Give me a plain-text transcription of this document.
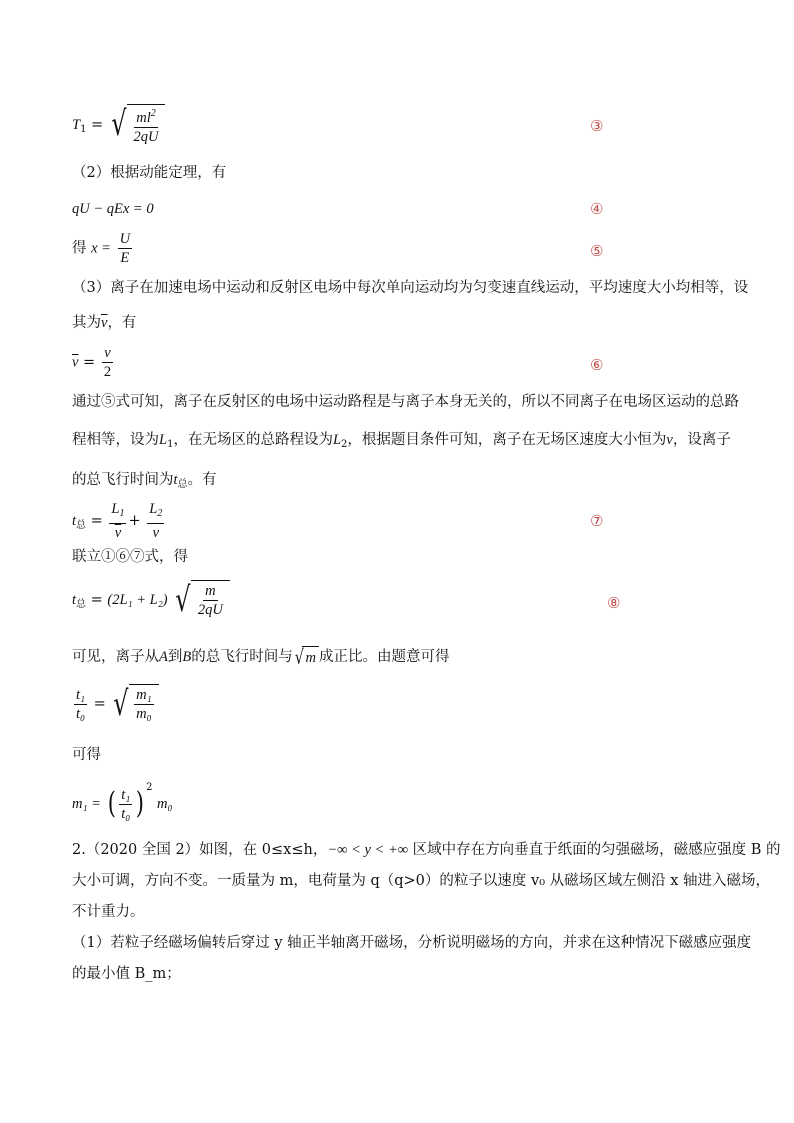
$T_1$ = √ $\frac{ml^2}{2qU}$	③
（2）根据动能定理，有
qU − qEx = 0	④
得 $x = \frac{U}{E}$	⑤
（3）离子在加速电场中运动和反射区电场中每次单向运动均为匀变速直线运动，平均速度大小均相等，设
其为$\overline{v}$，有
$\overline{v} = \frac{v}{2}$	⑥
通过⑤式可知，离子在反射区的电场中运动路程是与离子本身无关的，所以不同离子在电场区运动的总路
程相等，设为$L_1$，在无场区的总路程设为$L_2$，根据题目条件可知，离子在无场区速度大小恒为v，设离子
的总飞行时间为$t_总$。有
$t_总 = \frac{L_1}{v} + \frac{L_2}{v}$	⑦
联立①⑥⑦式，得
$t_总 = (2L_1 + L_2)$ √ $\frac{m}{2qU}$	⑧
可见，离子从A到B的总飞行时间与 √ m 成正比。由题意可得
$\frac{\text{t₁}}{\text{t₀}}$ = √ $\frac{\text{m₁}}{\text{m₀}}$
可得
m₁ = ( $\frac{\text{t₁}}{\text{t₀}}$ ) $^2$ m₀
2.（2020 全国 2）如图，在 0≤x≤h，−∞ < y < +∞ 区域中存在方向垂直于纸面的匀强磁场，磁感应强度 B 的
大小可调，方向不变。一质量为 m，电荷量为 q（q>0）的粒子以速度 v₀ 从磁场区域左侧沿 x 轴进入磁场，
不计重力。
（1）若粒子经磁场偏转后穿过 y 轴正半轴离开磁场，分析说明磁场的方向，并求在这种情况下磁感应强度
的最小值 B_m；
